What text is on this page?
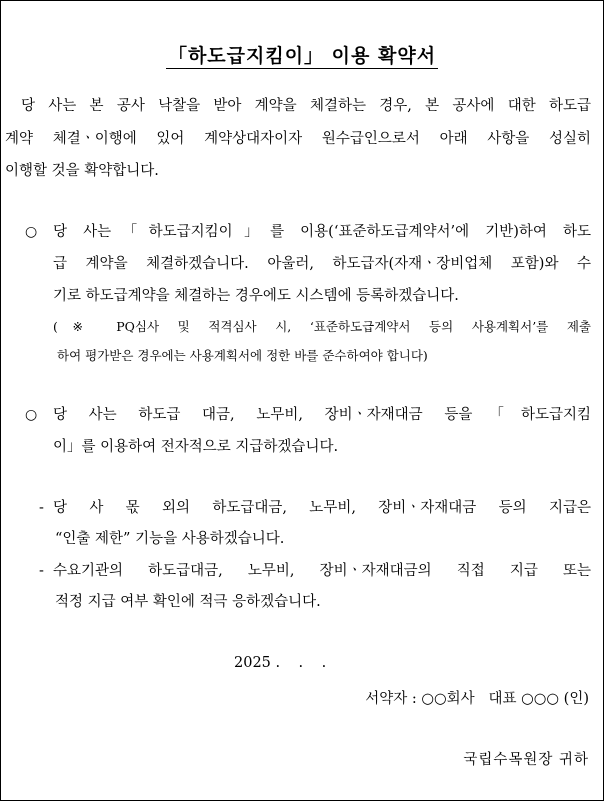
「하도급지킴이」 이용 확약서
당 사는 본 공사 낙찰을 받아 계약을 체결하는 경우, 본 공사에 대한 하도급
계약 체결ㆍ이행에 있어 계약상대자이자 원수급인으로서 아래 사항을 성실히
이행할 것을 확약합니다.
○	당 사는「하도급지킴이」를 이용(‘표준하도급계약서’에 기반)하여 하도
급 계약을 체결하겠습니다. 아울러, 하도급자(자재ㆍ장비업체 포함)와 수
기로 하도급계약을 체결하는 경우에도 시스템에 등록하겠습니다.
(※ PQ심사 및 적격심사 시, ‘표준하도급계약서 등의 사용계획서’를 제출
하여 평가받은 경우에는 사용계획서에 정한 바를 준수하여야 합니다)
○	당 사는 하도급 대금, 노무비, 장비ㆍ자재대금 등을「하도급지킴
이」를 이용하여 전자적으로 지급하겠습니다.
- 당 사 몫 외의 하도급대금, 노무비, 장비ㆍ자재대금 등의 지급은
“인출 제한” 기능을 사용하겠습니다.
- 수요기관의 하도급대금, 노무비, 장비ㆍ자재대금의 직접 지급 또는
적정 지급 여부 확인에 적극 응하겠습니다.
2025 .    .    .
서약자 : ○○회사   대표 ○○○ (인)
국립수목원장 귀하
